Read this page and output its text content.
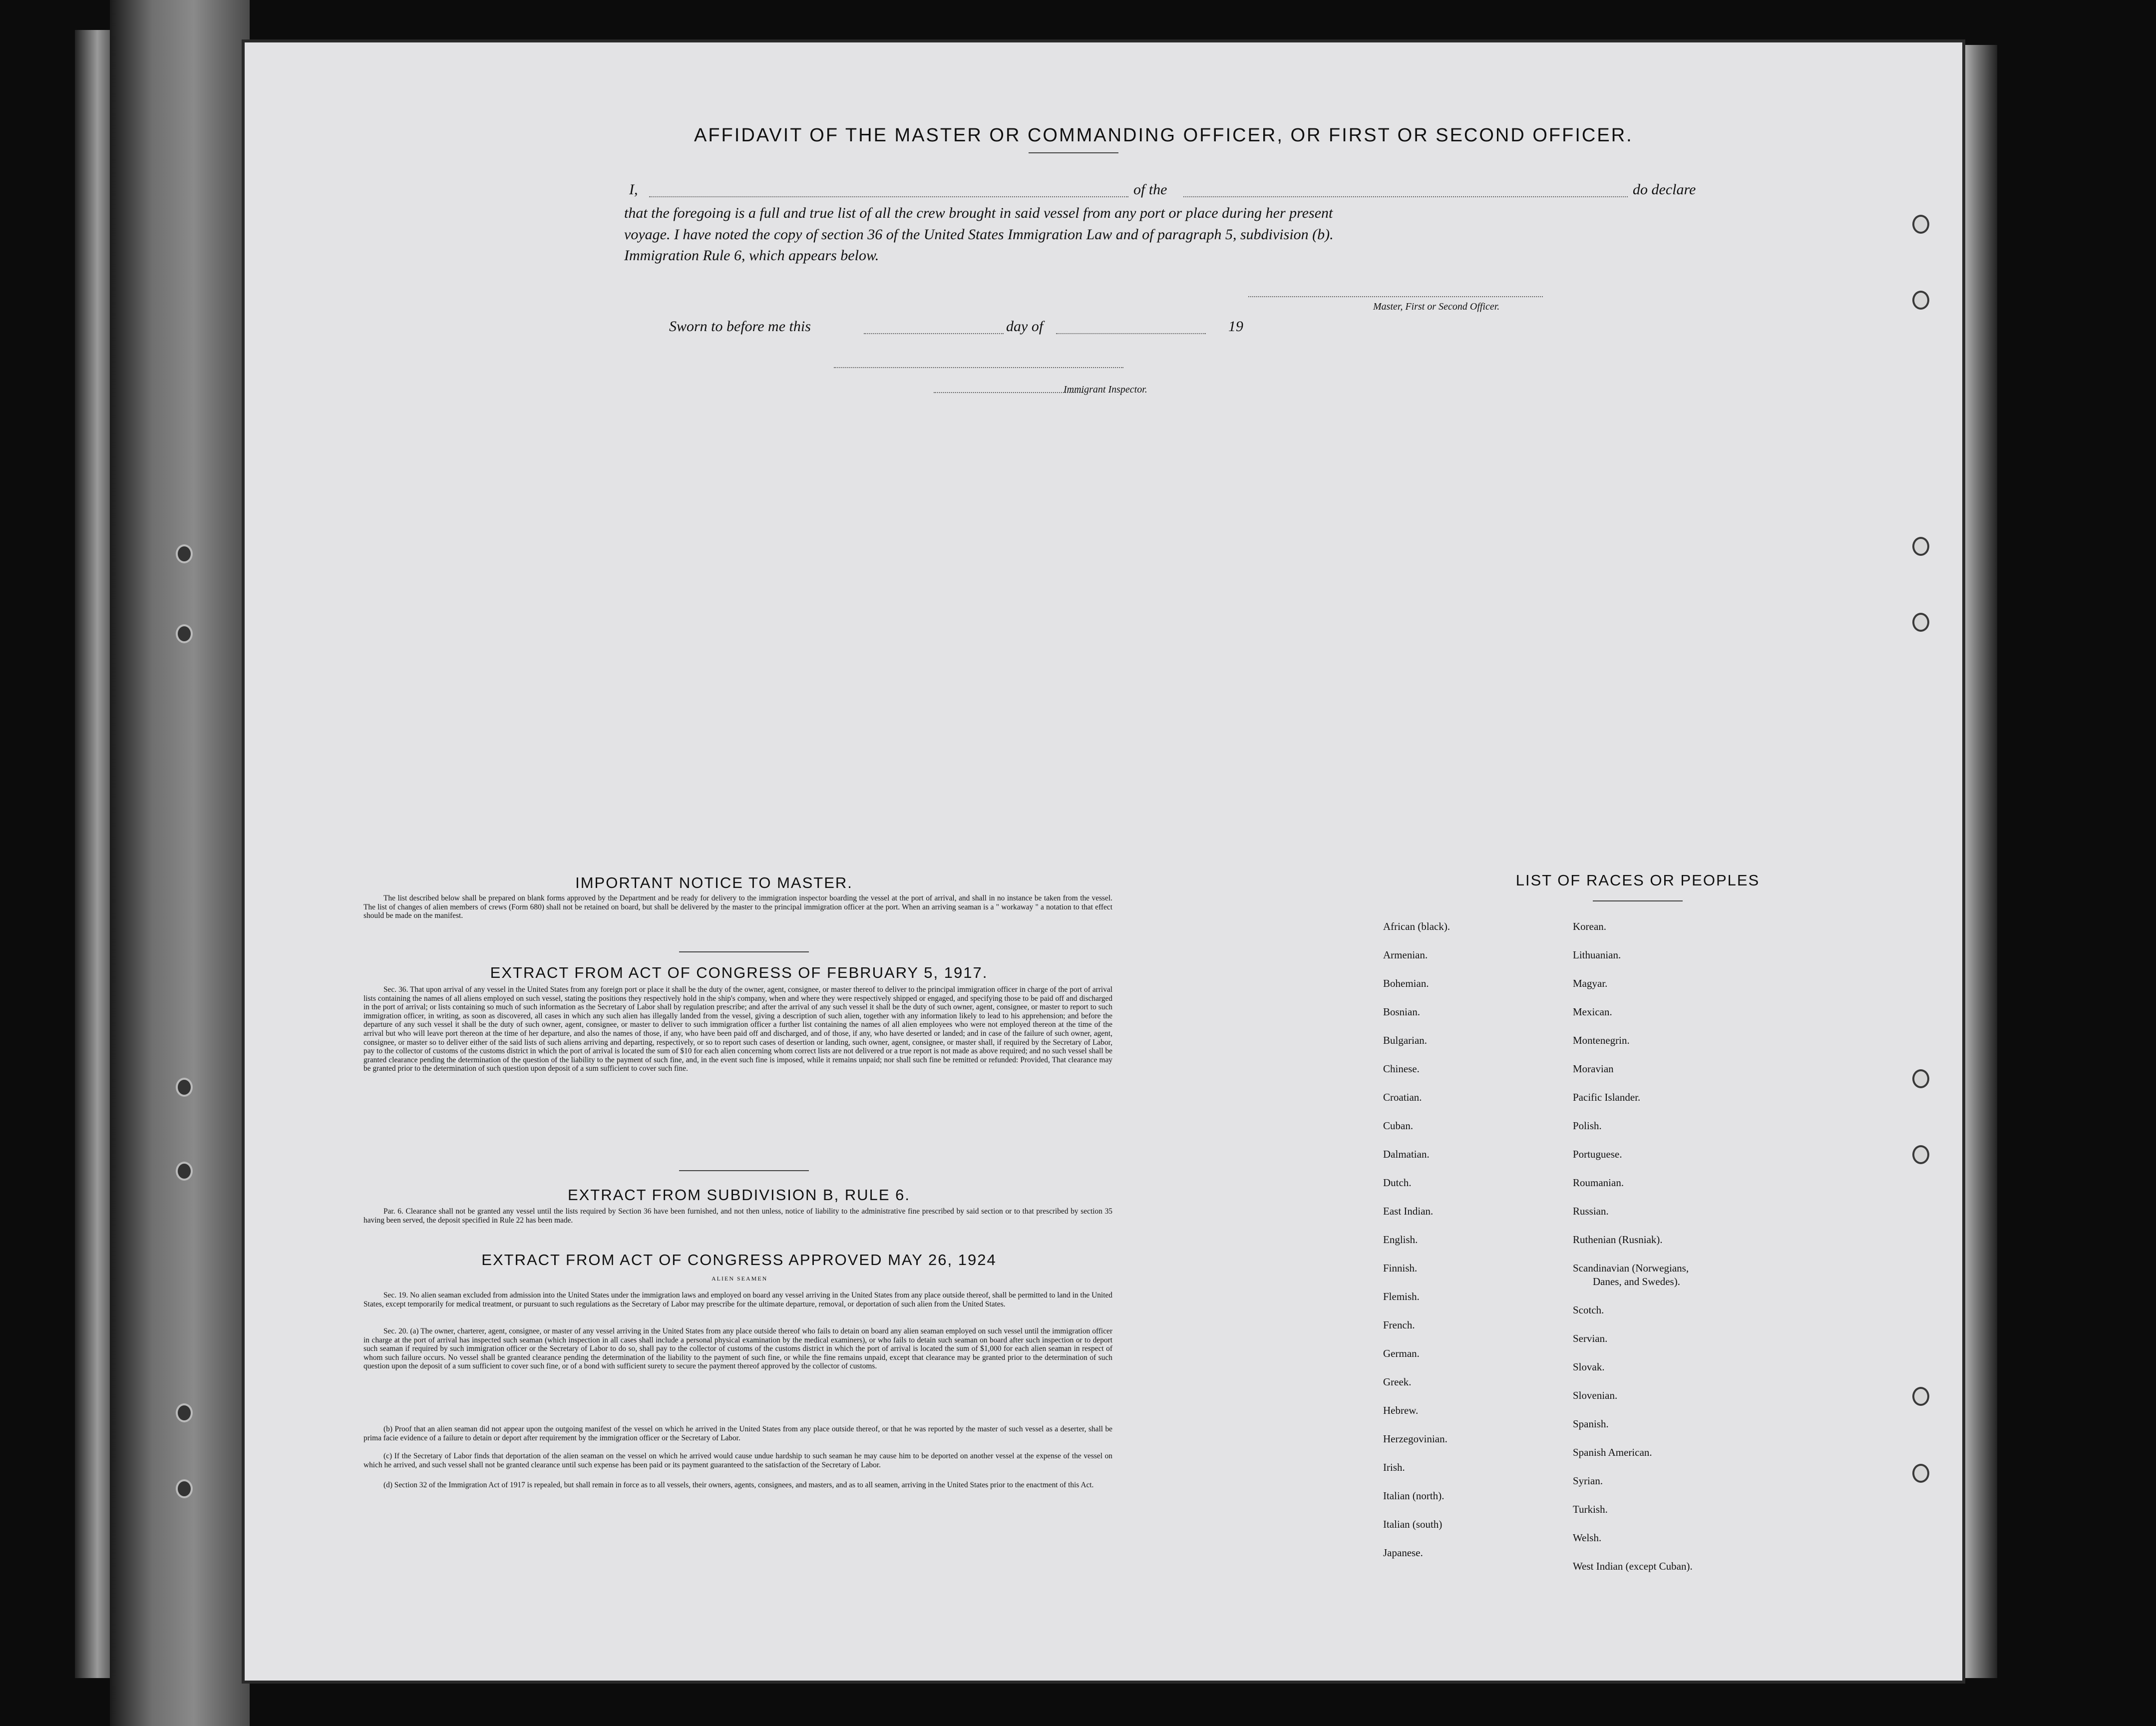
AFFIDAVIT OF THE MASTER OR COMMANDING OFFICER, OR FIRST OR SECOND OFFICER.
I,	of the	do declare
that the foregoing is a full and true list of all the crew brought in said vessel from any port or place during her present
voyage. I have noted the copy of section 36 of the United States Immigration Law and of paragraph 5, subdivision (b).
Immigration Rule 6, which appears below.
Master, First or Second Officer.
Sworn to before me this	day of	19
Immigrant Inspector.
IMPORTANT NOTICE TO MASTER.
The list described below shall be prepared on blank forms approved by the Department and be ready for delivery to the immigration inspector boarding the vessel at the port of arrival, and shall in no instance be taken from the vessel. The list of changes of alien members of crews (Form 680) shall not be retained on board, but shall be delivered by the master to the principal immigration officer at the port. When an arriving seaman is a " workaway " a notation to that effect should be made on the manifest.
EXTRACT FROM ACT OF CONGRESS OF FEBRUARY 5, 1917.
Sec. 36. That upon arrival of any vessel in the United States from any foreign port or place it shall be the duty of the owner, agent, consignee, or master thereof to deliver to the principal immigration officer in charge of the port of arrival lists containing the names of all aliens employed on such vessel, stating the positions they respectively hold in the ship's company, when and where they were respectively shipped or engaged, and specifying those to be paid off and discharged in the port of arrival; or lists containing so much of such information as the Secretary of Labor shall by regulation prescribe; and after the arrival of any such vessel it shall be the duty of such owner, agent, consignee, or master to report to such immigration officer, in writing, as soon as discovered, all cases in which any such alien has illegally landed from the vessel, giving a description of such alien, together with any information likely to lead to his apprehension; and before the departure of any such vessel it shall be the duty of such owner, agent, consignee, or master to deliver to such immigration officer a further list containing the names of all alien employees who were not employed thereon at the time of the arrival but who will leave port thereon at the time of her departure, and also the names of those, if any, who have been paid off and discharged, and of those, if any, who have deserted or landed; and in case of the failure of such owner, agent, consignee, or master so to deliver either of the said lists of such aliens arriving and departing, respectively, or so to report such cases of desertion or landing, such owner, agent, consignee, or master shall, if required by the Secretary of Labor, pay to the collector of customs of the customs district in which the port of arrival is located the sum of $10 for each alien concerning whom correct lists are not delivered or a true report is not made as above required; and no such vessel shall be granted clearance pending the determination of the question of the liability to the payment of such fine, and, in the event such fine is imposed, while it remains unpaid; nor shall such fine be remitted or refunded: Provided, That clearance may be granted prior to the determination of such question upon deposit of a sum sufficient to cover such fine.
EXTRACT FROM SUBDIVISION B, RULE 6.
Par. 6. Clearance shall not be granted any vessel until the lists required by Section 36 have been furnished, and not then unless, notice of liability to the administrative fine prescribed by said section or to that prescribed by section 35 having been served, the deposit specified in Rule 22 has been made.
EXTRACT FROM ACT OF CONGRESS APPROVED MAY 26, 1924
ALIEN SEAMEN
Sec. 19. No alien seaman excluded from admission into the United States under the immigration laws and employed on board any vessel arriving in the United States from any place outside thereof, shall be permitted to land in the United States, except temporarily for medical treatment, or pursuant to such regulations as the Secretary of Labor may prescribe for the ultimate departure, removal, or deportation of such alien from the United States.
Sec. 20. (a) The owner, charterer, agent, consignee, or master of any vessel arriving in the United States from any place outside thereof who fails to detain on board any alien seaman employed on such vessel until the immigration officer in charge at the port of arrival has inspected such seaman (which inspection in all cases shall include a personal physical examination by the medical examiners), or who fails to detain such seaman on board after such inspection or to deport such seaman if required by such immigration officer or the Secretary of Labor to do so, shall pay to the collector of customs of the customs district in which the port of arrival is located the sum of $1,000 for each alien seaman in respect of whom such failure occurs. No vessel shall be granted clearance pending the determination of the liability to the payment of such fine, or while the fine remains unpaid, except that clearance may be granted prior to the determination of such question upon the deposit of a sum sufficient to cover such fine, or of a bond with sufficient surety to secure the payment thereof approved by the collector of customs.
(b) Proof that an alien seaman did not appear upon the outgoing manifest of the vessel on which he arrived in the United States from any place outside thereof, or that he was reported by the master of such vessel as a deserter, shall be prima facie evidence of a failure to detain or deport after requirement by the immigration officer or the Secretary of Labor.
(c) If the Secretary of Labor finds that deportation of the alien seaman on the vessel on which he arrived would cause undue hardship to such seaman he may cause him to be deported on another vessel at the expense of the vessel on which he arrived, and such vessel shall not be granted clearance until such expense has been paid or its payment guaranteed to the satisfaction of the Secretary of Labor.
(d) Section 32 of the Immigration Act of 1917 is repealed, but shall remain in force as to all vessels, their owners, agents, consignees, and masters, and as to all seamen, arriving in the United States prior to the enactment of this Act.
LIST OF RACES OR PEOPLES
African (black).
Armenian.
Bohemian.
Bosnian.
Bulgarian.
Chinese.
Croatian.
Cuban.
Dalmatian.
Dutch.
East Indian.
English.
Finnish.
Flemish.
French.
German.
Greek.
Hebrew.
Herzegovinian.
Irish.
Italian (north).
Italian (south)
Japanese.
Korean.
Lithuanian.
Magyar.
Mexican.
Montenegrin.
Moravian
Pacific Islander.
Polish.
Portuguese.
Roumanian.
Russian.
Ruthenian (Rusniak).
Scandinavian (Norwegians,
Danes, and Swedes).
Scotch.
Servian.
Slovak.
Slovenian.
Spanish.
Spanish American.
Syrian.
Turkish.
Welsh.
West Indian (except Cuban).
